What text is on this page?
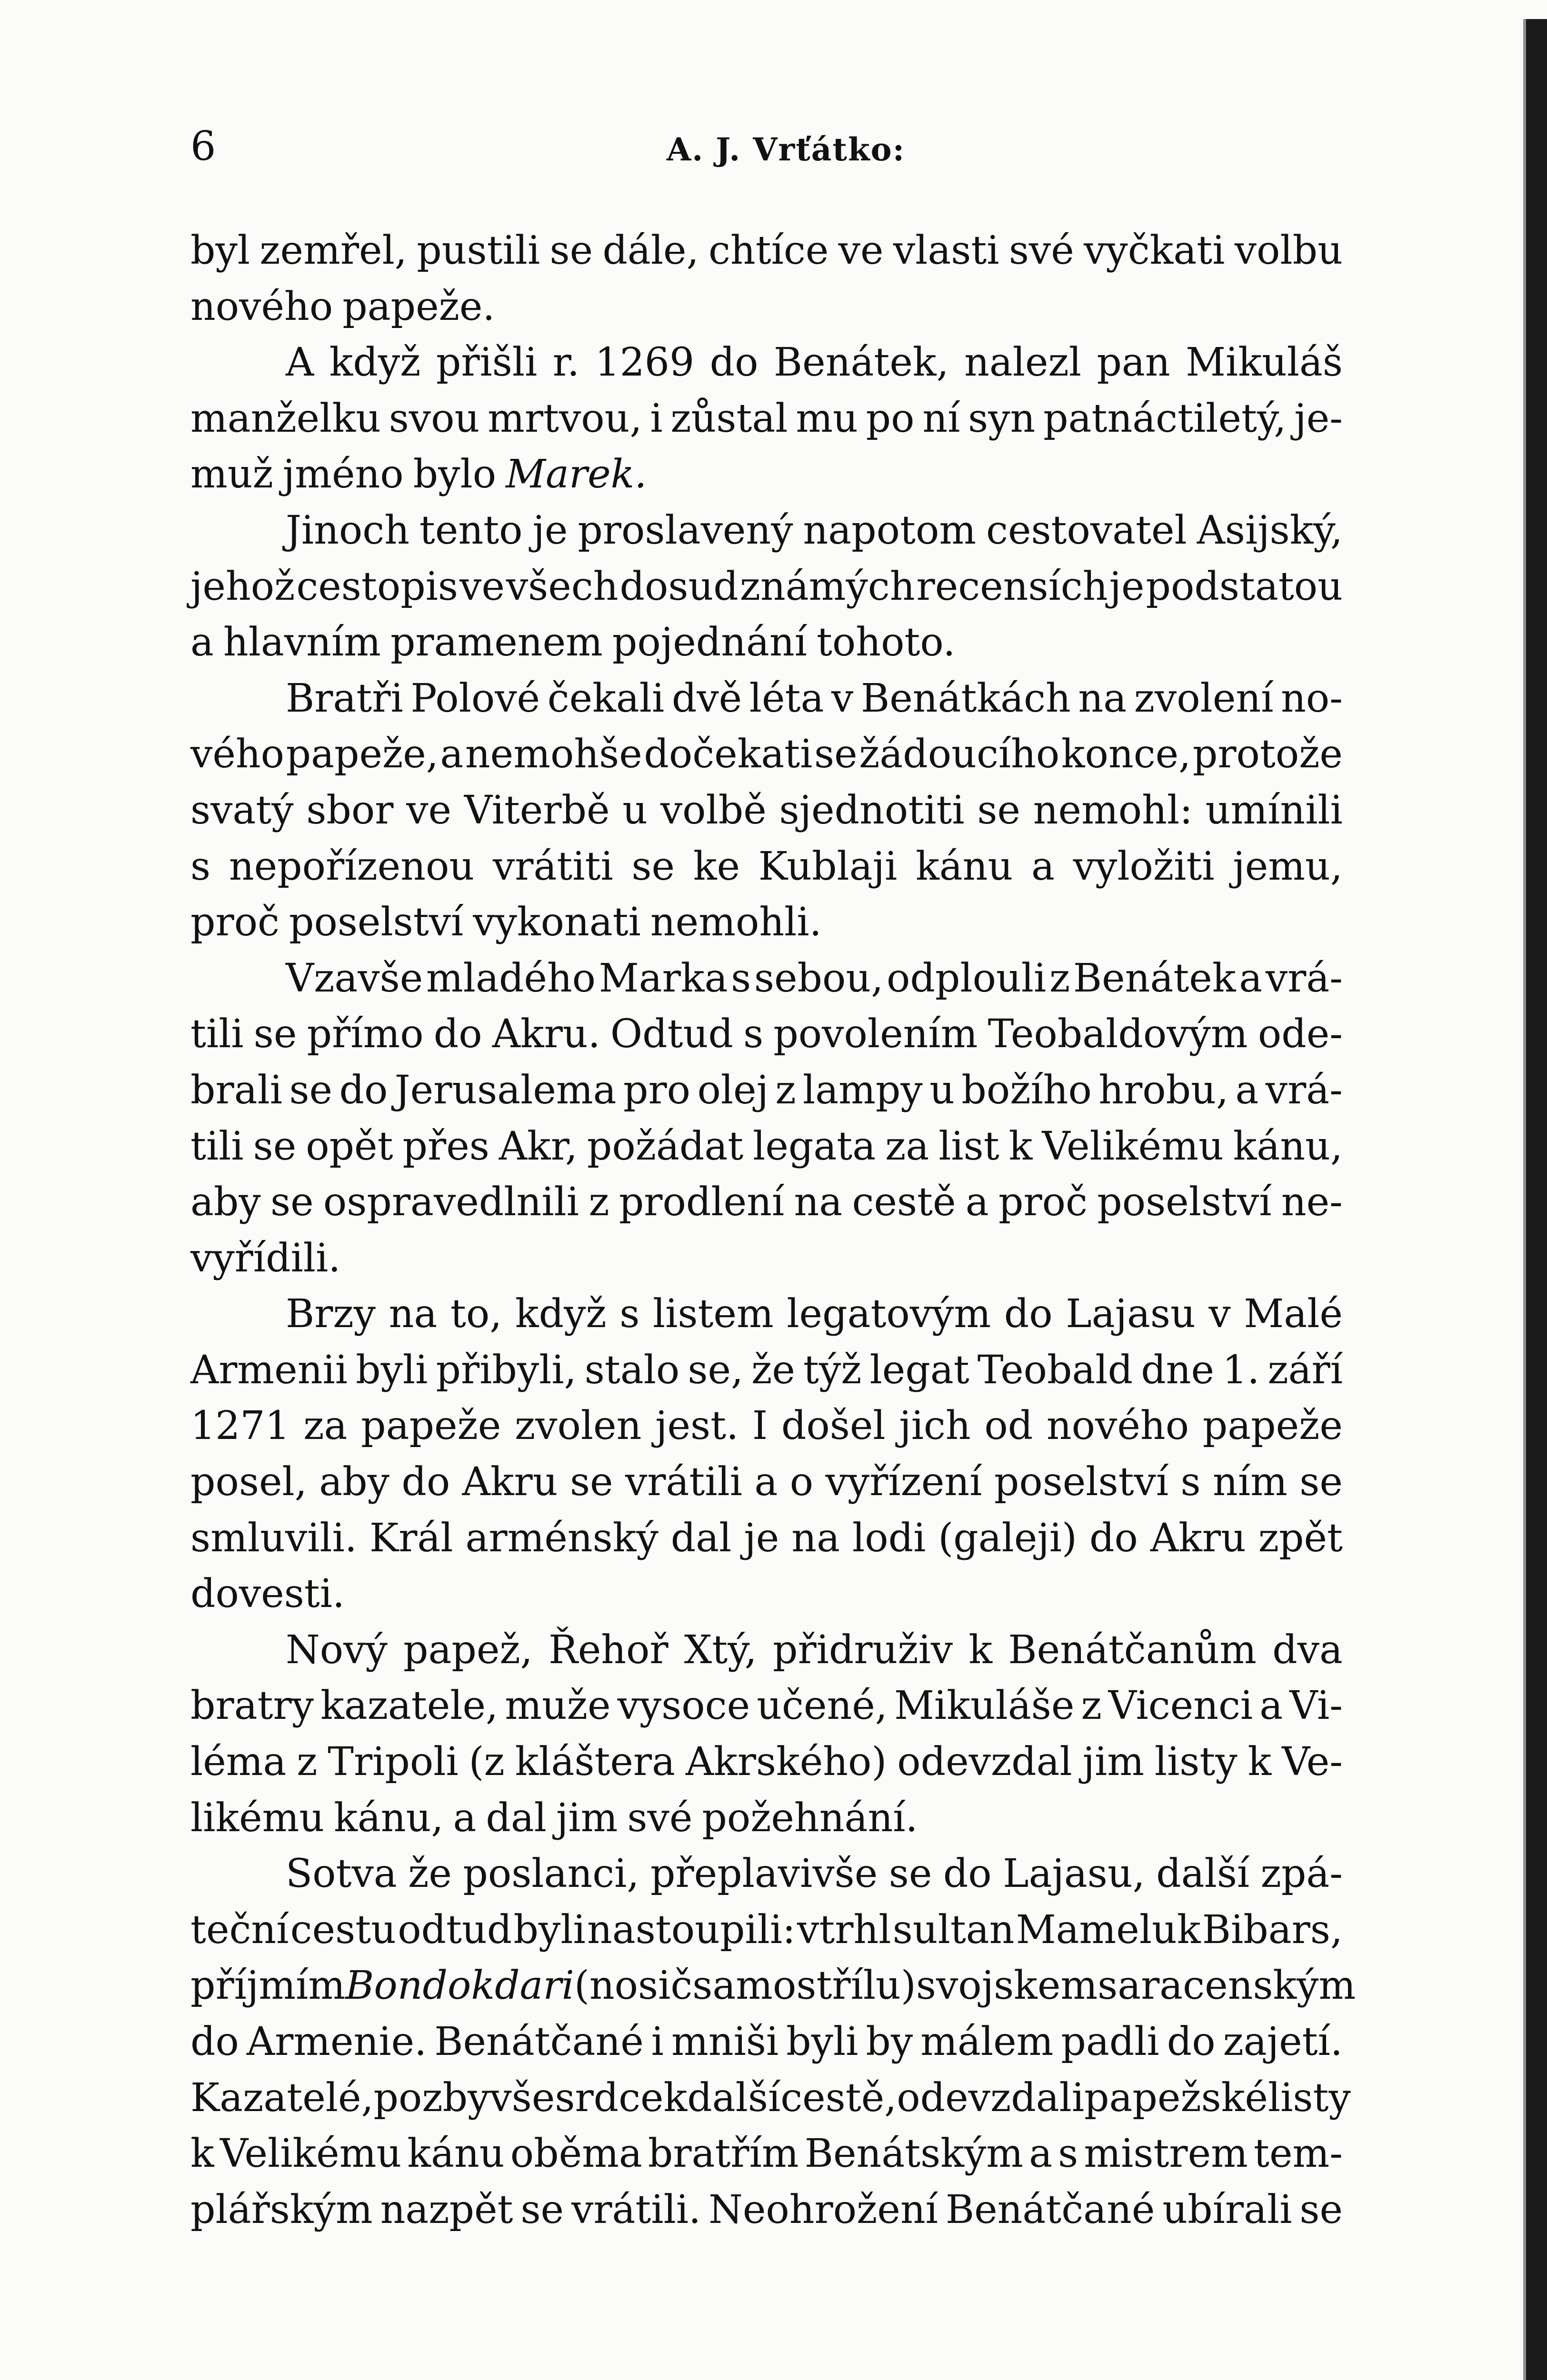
6	A. J. Vrťátko:
byl zemřel, pustili se dále, chtíce ve vlasti své vyčkati volbu
nového papeže.
A když přišli r. 1269 do Benátek, nalezl pan Mikuláš
manželku svou mrtvou, i zůstal mu po ní syn patnáctiletý, je-
muž jméno bylo Marek.
Jinoch tento je proslavený napotom cestovatel Asijský,
jehož cestopis ve všech dosud známých recensích je podstatou
a hlavním pramenem pojednání tohoto.
Bratři Polové čekali dvě léta v Benátkách na zvolení no-
vého papeže, a nemohše dočekati se žádoucího konce, protože
svatý sbor ve Viterbě u volbě sjednotiti se nemohl: umínili
s nepořízenou vrátiti se ke Kublaji kánu a vyložiti jemu,
proč poselství vykonati nemohli.
Vzavše mladého Marka s sebou, odplouli z Benátek a vrá-
tili se přímo do Akru. Odtud s povolením Teobaldovým ode-
brali se do Jerusalema pro olej z lampy u božího hrobu, a vrá-
tili se opět přes Akr, požádat legata za list k Velikému kánu,
aby se ospravedlnili z prodlení na cestě a proč poselství ne-
vyřídili.
Brzy na to, když s listem legatovým do Lajasu v Malé
Armenii byli přibyli, stalo se, že týž legat Teobald dne 1. září
1271 za papeže zvolen jest. I došel jich od nového papeže
posel, aby do Akru se vrátili a o vyřízení poselství s ním se
smluvili. Král arménský dal je na lodi (galeji) do Akru zpět
dovesti.
Nový papež, Řehoř Xtý, přidruživ k Benátčanům dva
bratry kazatele, muže vysoce učené, Mikuláše z Vicenci a Vi-
léma z Tripoli (z kláštera Akrského) odevzdal jim listy k Ve-
likému kánu, a dal jim své požehnání.
Sotva že poslanci, přeplavivše se do Lajasu, další zpá-
teční cestu odtud byli nastoupili: vtrhl sultan Mameluk Bibars,
příjmím Bondokdari (nosič samostřílu) s vojskem saracenským
do Armenie. Benátčané i mniši byli by málem padli do zajetí.
Kazatelé, pozbyvše srdce k další cestě, odevzdali papežské listy
k Velikému kánu oběma bratřím Benátským a s mistrem tem-
plářským nazpět se vrátili. Neohrožení Benátčané ubírali se
